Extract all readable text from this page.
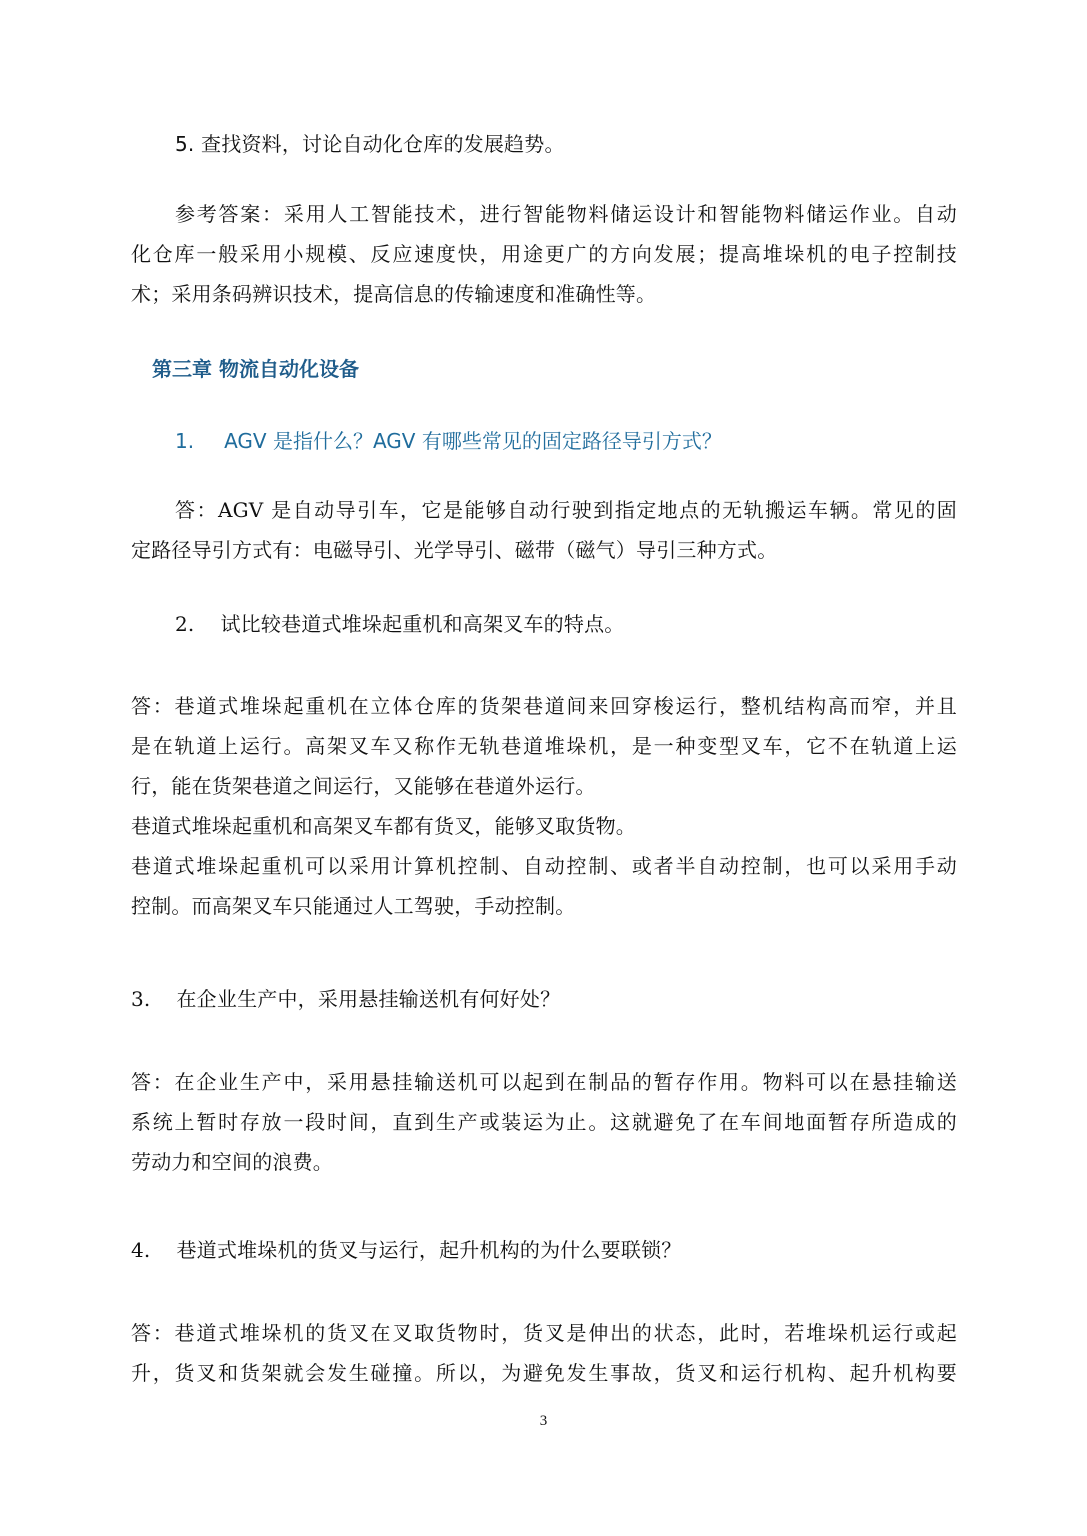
5. 查找资料，讨论自动化仓库的发展趋势。
参考答案：采用人工智能技术，进行智能物料储运设计和智能物料储运作业。自动
化仓库一般采用小规模、反应速度快，用途更广的方向发展；提高堆垛机的电子控制技
术；采用条码辨识技术，提高信息的传输速度和准确性等。
第三章 物流自动化设备
1. AGV 是指什么？AGV 有哪些常见的固定路径导引方式？
答：AGV 是自动导引车，它是能够自动行驶到指定地点的无轨搬运车辆。常见的固
定路径导引方式有：电磁导引、光学导引、磁带（磁气）导引三种方式。
2. 试比较巷道式堆垛起重机和高架叉车的特点。
答：巷道式堆垛起重机在立体仓库的货架巷道间来回穿梭运行，整机结构高而窄，并且
是在轨道上运行。高架叉车又称作无轨巷道堆垛机，是一种变型叉车，它不在轨道上运
行，能在货架巷道之间运行，又能够在巷道外运行。
巷道式堆垛起重机和高架叉车都有货叉，能够叉取货物。
巷道式堆垛起重机可以采用计算机控制、自动控制、或者半自动控制，也可以采用手动
控制。而高架叉车只能通过人工驾驶，手动控制。
3. 在企业生产中，采用悬挂输送机有何好处？
答：在企业生产中，采用悬挂输送机可以起到在制品的暂存作用。物料可以在悬挂输送
系统上暂时存放一段时间，直到生产或装运为止。这就避免了在车间地面暂存所造成的
劳动力和空间的浪费。
4. 巷道式堆垛机的货叉与运行，起升机构的为什么要联锁？
答：巷道式堆垛机的货叉在叉取货物时，货叉是伸出的状态，此时，若堆垛机运行或起
升，货叉和货架就会发生碰撞。所以，为避免发生事故，货叉和运行机构、起升机构要
3
